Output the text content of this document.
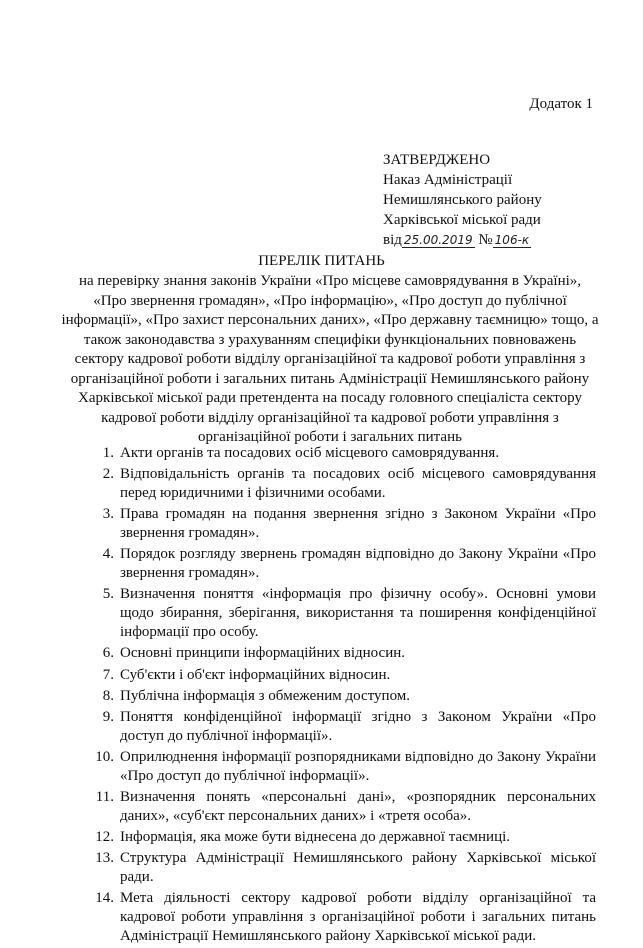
Додаток 1
ЗАТВЕРДЖЕНО
Наказ Адміністрації
Немишлянського району
Харківської міської ради
від 25.00.2019 № 106-к
ПЕРЕЛІК ПИТАНЬ

на перевірку знання законів України «Про місцеве самоврядування в Україні»,

«Про звернення громадян», «Про інформацію», «Про доступ до публічної

інформації», «Про захист персональних даних», «Про державну таємницю» тощо, а

також законодавства з урахуванням специфіки функціональних повноважень

сектору кадрової роботи відділу організаційної та кадрової роботи управління з

організаційної роботи і загальних питань Адміністрації Немишлянського району

Харківської міської ради претендента на посаду головного спеціаліста сектору

кадрової роботи відділу організаційної та кадрової роботи управління з

організаційної роботи і загальних питань

1. Акти органів та посадових осіб місцевого самоврядування.
2. Відповідальність органів та посадових осіб місцевого самоврядування перед юридичними і фізичними особами.
3. Права громадян на подання звернення згідно з Законом України «Про звернення громадян».
4. Порядок розгляду звернень громадян відповідно до Закону України «Про звернення громадян».
5. Визначення поняття «інформація про фізичну особу». Основні умови щодо збирання, зберігання, використання та поширення конфіденційної інформації про особу.
6. Основні принципи інформаційних відносин.
7. Суб'єкти і об'єкт інформаційних відносин.
8. Публічна інформація з обмеженим доступом.
9. Поняття конфіденційної інформації згідно з Законом України «Про доступ до публічної інформації».
10. Оприлюднення інформації розпорядниками відповідно до Закону України «Про доступ до публічної інформації».
11. Визначення понять «персональні дані», «розпорядник персональних даних», «суб'єкт персональних даних» і «третя особа».
12. Інформація, яка може бути віднесена до державної таємниці.
13. Структура Адміністрації Немишлянського району Харківської міської ради.
14. Мета діяльності сектору кадрової роботи відділу організаційної та кадрової роботи управління з організаційної роботи і загальних питань Адміністрації Немишлянського району Харківської міської ради.
